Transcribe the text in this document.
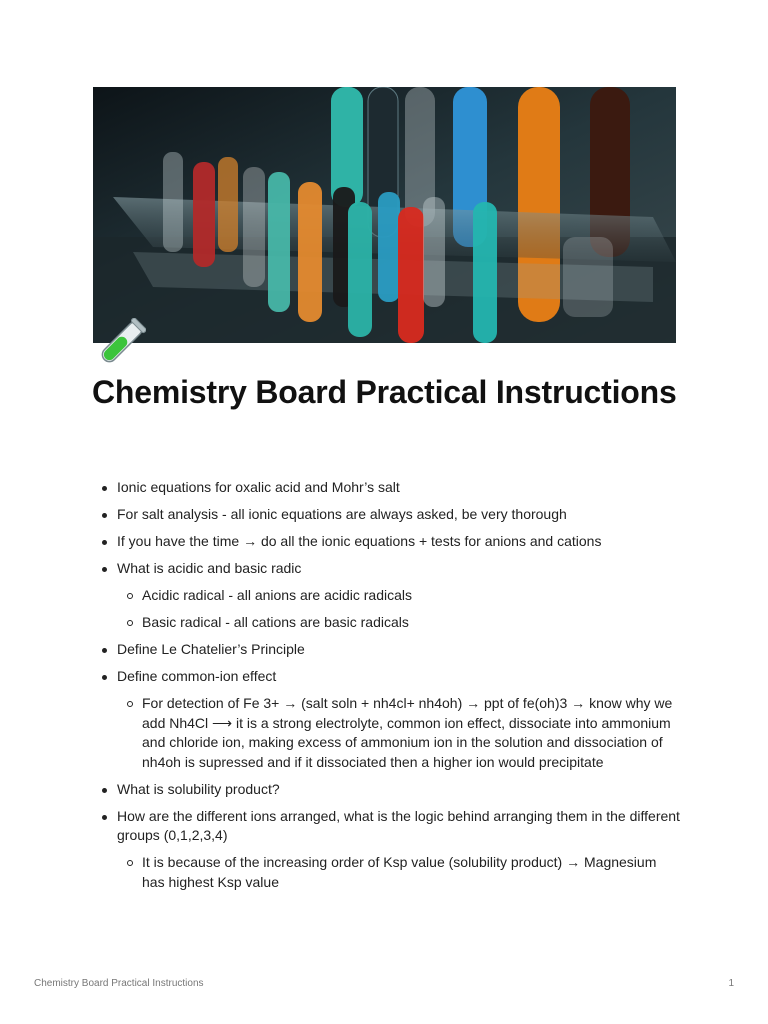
Chemistry Board Practical Instructions
Ionic equations for oxalic acid and Mohr’s salt
For salt analysis - all ionic equations are always asked, be very thorough
If you have the time → do all the ionic equations + tests for anions and cations
What is acidic and basic radic
Acidic radical - all anions are acidic radicals
Basic radical - all cations are basic radicals
Define Le Chatelier’s Principle
Define common-ion effect
For detection of Fe 3+ → (salt soln + nh4cl+ nh4oh) → ppt of fe(oh)3 → know why we add Nh4Cl ⟶ it is a strong electrolyte, common ion effect, dissociate into ammonium and chloride ion, making excess of ammonium ion in the solution and dissociation of nh4oh is supressed and if it dissociated then a higher ion would precipitate
What is solubility product?
How are the different ions arranged, what is the logic behind arranging them in the different groups (0,1,2,3,4)
It is because of the increasing order of Ksp value (solubility product) → Magnesium has highest Ksp value
Chemistry Board Practical Instructions	1
